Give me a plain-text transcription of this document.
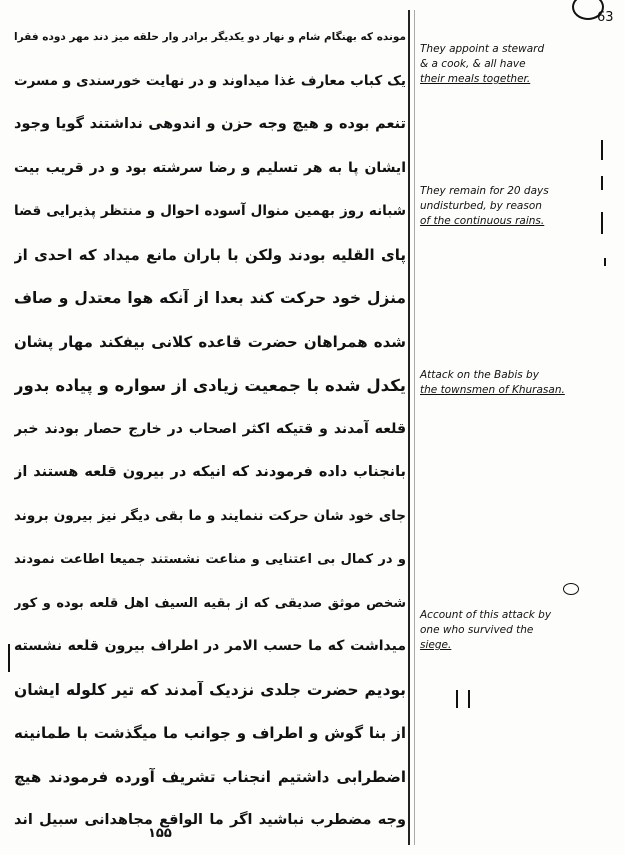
63
مونده که بهنگام شام و نهار دو یکدیگر برادر وار حلقه میز دند مهر دوده فقرا
یک کباب معارف غذا میداوند و در نهایت خورسندی و مسرت
تنعم بوده و هیچ وجه حزن و اندوهی نداشتند گویا وجود
ایشان پا به هر تسلیم و رضا سرشته بود و در قریب بیت
شبانه روز بهمین منوال آسوده احوال و منتظر پذیرایی قضا
پای القلیه بودند ولکن با باران مانع میداد که احدی از
منزل خود حرکت کند بعدا از آنکه هوا معتدل و صاف
شده همراهان حضرت قاعده کلانی بیفکند مهار پشان
یکدل شده با جمعیت زیادی از سواره و پیاده بدور
قلعه آمدند و قتیکه اکثر اصحاب در خارج حصار بودند خبر
بانجناب داده فرمودند که انیکه در بیرون قلعه هستند از
جای خود شان حرکت ننمایند و ما بقی دیگر نیز بیرون بروند
و در کمال بی اعتنایی و مناعت نشستند جمیعا اطاعت نمودند
شخص موثق صدیقی که از بقیه السیف اهل قلعه بوده و کور
میداشت که ما حسب الامر در اطراف بیرون قلعه نشسته
بودیم حضرت جلدی نزدیک آمدند که تیر کلوله ایشان
از بنا گوش و اطراف و جوانب ما میگذشت با طمانینه
اضطرابی داشتیم انجناب تشریف آورده فرمودند هیچ
وجه مضطرب نباشید اگر ما الواقع مجاهدانی سبیل اند
They appoint a steward
& a cook, & all have
their meals together.
They remain for 20 days
undisturbed, by reason
of the continuous rains.
Attack on the Babis by
the townsmen of Khurasan.
Account of this attack by
one who survived the
siege.
۱۵۵
